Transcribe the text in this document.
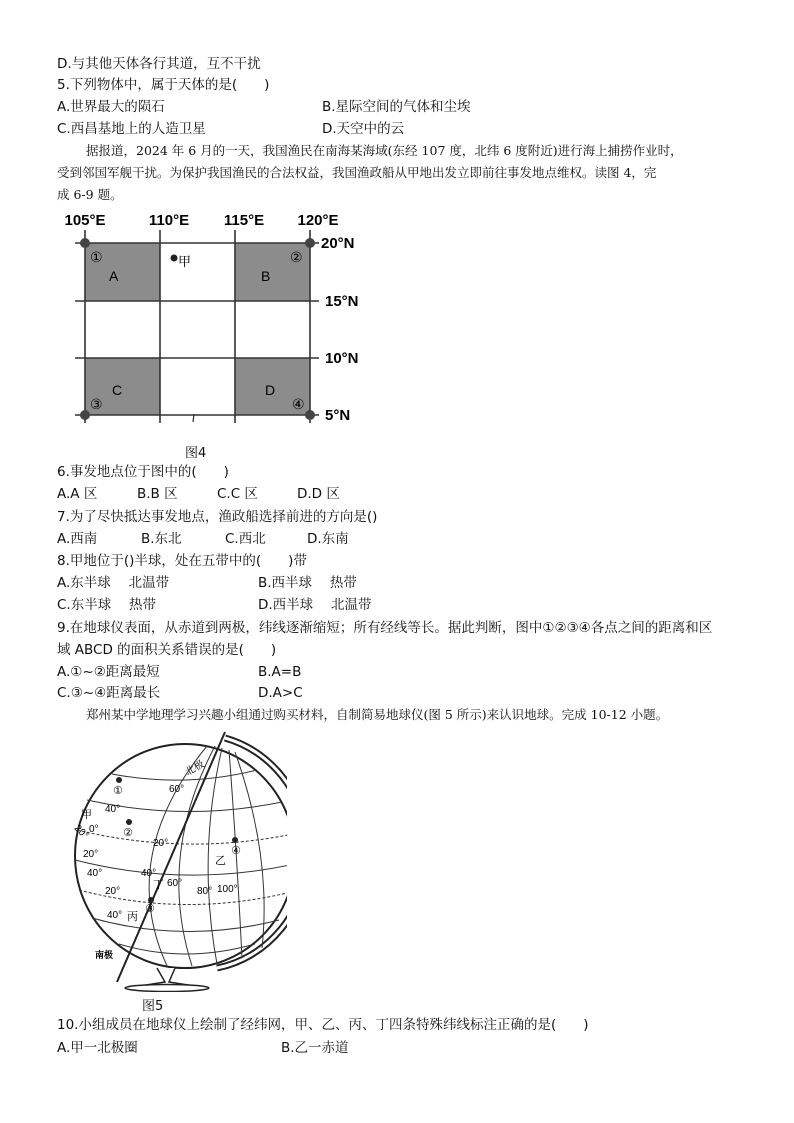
D.与其他天体各行其道，互不干扰
5.下列物体中，属于天体的是(　　)
A.世界最大的陨石	B.星际空间的气体和尘埃
C.西昌基地上的人造卫星	D.天空中的云
据报道，2024 年 6 月的一天，我国渔民在南海某海域(东经 107 度，北纬 6 度附近)进行海上捕捞作业时，
受到邻国军舰干扰。为保护我国渔民的合法权益，我国渔政船从甲地出发立即前往事发地点维权。读图 4，完
成 6-9 题。
105°E	110°E 115°E 120°E
20°N
15°N
10°N
5°N
A	B
C	D
①	②
③	④
甲
图4
6.事发地点位于图中的(　　)
A.A 区	B.B 区	C.C 区	D.D 区
7.为了尽快抵达事发地点，渔政船选择前进的方向是()
A.西南	B.东北	C.西北	D.东南
8.甲地位于()半球，处在五带中的(　　)带
A.东半球　 北温带	B.西半球　 热带
C.东半球　 热带	D.西半球　 北温带
9.在地球仪表面，从赤道到两极，纬线逐渐缩短；所有经线等长。据此判断，图中①②③④各点之间的距离和区
域 ABCD 的面积关系错误的是(　　)
A.①~②距离最短	B.A=B
C.③~④距离最长	D.A>C
郑州某中学地理学习兴趣小组通过购买材料，自制简易地球仪(图 5 所示)来认识地球。完成 10-12 小题。
北极
南极
60°
40°
20°
0°
20°
40°
20°
40°
20°
40°
60°
80° 100°
甲
乙
丙
丁
①
②
③
④
图5
10.小组成员在地球仪上绘制了经纬网，甲、乙、丙、丁四条特殊纬线标注正确的是(　　)
A.甲一北极圈	B.乙一赤道
